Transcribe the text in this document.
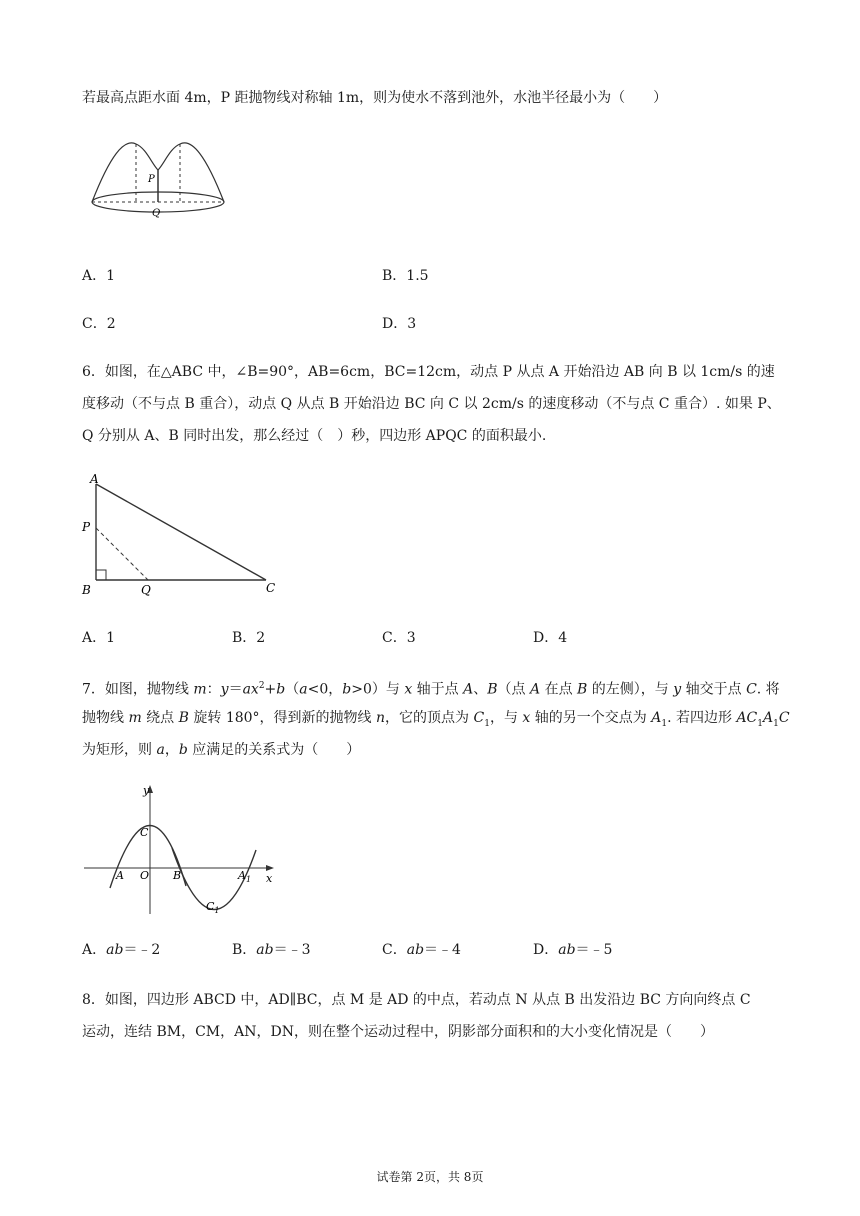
若最高点距水面 4m，P 距抛物线对称轴 1m，则为使水不落到池外，水池半径最小为（　　）
P
Q
A．1	B．1.5
C．2	D．3
6．如图，在△ABC 中，∠B=90°，AB=6cm，BC=12cm，动点 P 从点 A 开始沿边 AB 向 B 以 1cm/s 的速
度移动（不与点 B 重合），动点 Q 从点 B 开始沿边 BC 向 C 以 2cm/s 的速度移动（不与点 C 重合）. 如果 P、
Q 分别从 A、B 同时出发，那么经过（　）秒，四边形 APQC 的面积最小.
A
P
B	Q	C
A．1	B．2	C．3	D．4
7．如图，抛物线 m：$y=ax^2+b(a<0$，b>0）与 x 轴于点 A、B（点 A 在点 B 的左侧），与 y 轴交于点 C. 将
抛物线 m 绕点 B 旋转 180°，得到新的抛物线 n，它的顶点为 $C_1$，与 x 轴的另一个交点为 $A_1$. 若四边形 $AC_1A_1C$
为矩形，则 a，b 应满足的关系式为（　　）
y
x
C
A O B	$A_1$
$C_1$
A．ab＝﹣2	B．ab＝﹣3	C．ab＝﹣4	D．ab＝﹣5
8．如图，四边形 ABCD 中，AD∥BC，点 M 是 AD 的中点，若动点 N 从点 B 出发沿边 BC 方向向终点 C
运动，连结 BM，CM，AN，DN，则在整个运动过程中，阴影部分面积和的大小变化情况是（　　）
试卷第 2页，共 8页
